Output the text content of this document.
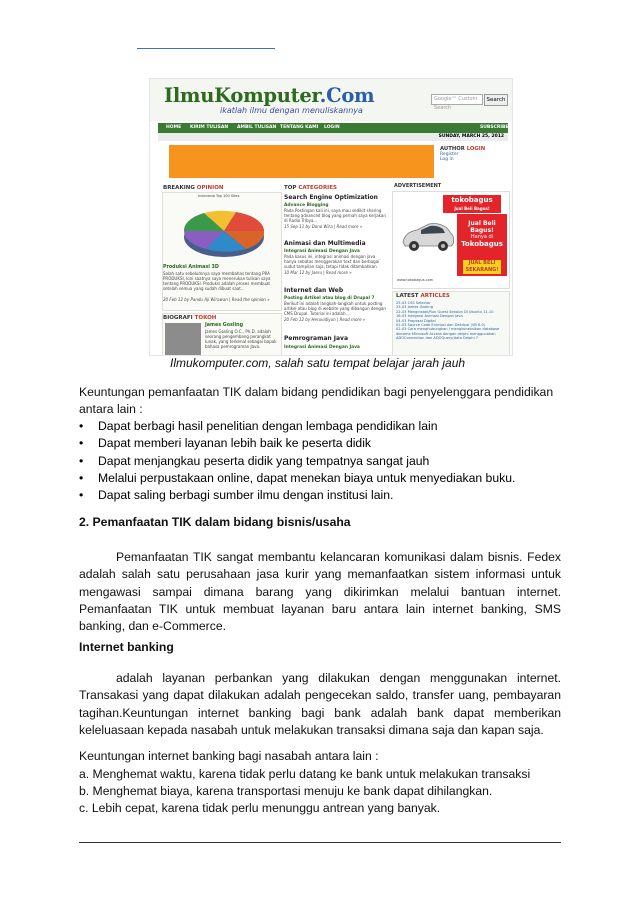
IlmuKomputer.Com
ikatlah ilmu dengan menuliskannya
Google™ Custom Search
Search
HOME KIRIM TULISAN AMBIL TULISAN TENTANG KAMI LOGIN	SUBSCRIBE
SUNDAY, MARCH 25, 2012
AUTHOR LOGIN
Register
Log in
BREAKING OPINION
Indonesia Top 100 Sites
Produksi Animasi 3D
Salah satu sebelumnya saya membahas tentang PRA PRODUKSI, kini saatnya saya menerukan tulisan saya tentang PRODUKSI. Produksi adalah proses membuat setelah semua yang sudah dibuat saat...
20 Feb 12 by Pandu Aji Wirawan | Read the opinion »
BIOGRAFI TOKOH
James Gosling
James Gosling O.C., Ph.D. adalah seorang pengembang perangkat lunak, yang terkenal sebagai bapak bahasa pemrograman Java.
TOP CATEGORIES
Search Engine Optimization
Advance Blogging
Pada Postingan kali ini, saya mau sedikit sharing tentang advanced blog yang pernah saya kerjakan di Radio Tribya...
15 Sep 11 by Dono Wira | Read more »
Animasi dan Multimedia
Integrasi Animasi Dengan Java
Pada kasus ini, integrasi animasi dengan java hanya sebatas menggerakan text dan berbagai sudut tampilan saja, tetapi tidak ditambahkan
10 Mar 12 by Jaeru | Read more »
Internet dan Web
Posting Artikel atau blog di Drupal 7
Berikut ini adalah langkah-langkah untuk posting artikel atau blog di website yang dibangun dengan CMS Drupal. Tutorial ini adalah...
20 Feb 12 by Heruvidiyun | Read more »
Pemrograman Java
Integrasi Animasi Dengan Java
ADVERTISEMENT
tokobagus
Jual Beli Bagus!
Jual Beli Bagus!
Hanya di
Tokobagus
JUAL BELI SEKARANG!
www.tokobagus.com
LATEST ARTICLES
25-03 CSS Selector
25-03 James Gosling
22-03 Menginstall/Run Guest Session Di Ubuntu 11.10
16-03 Integrasi Animasi Dengan Java
04-03 Proposal Digital
02-03 Source Code Enkripsi dan Dekripsi (VB 6.0)
02-03 Cara menghubungkan / mengkoneksikan database dbname Microsoft Access dengan delphi menggunakan ADOConnection dan ADOQuery(data Delphi 7
Ilmukomputer.com, salah satu tempat belajar jarah jauh
Keuntungan pemanfaatan TIK dalam bidang pendidikan bagi penyelenggara pendidikan antara lain :
• Dapat berbagi hasil penelitian dengan lembaga pendidikan lain
• Dapat memberi layanan lebih baik ke peserta didik
• Dapat menjangkau peserta didik yang tempatnya sangat jauh
• Melalui perpustakaan online, dapat menekan biaya untuk menyediakan buku.
• Dapat saling berbagi sumber ilmu dengan institusi lain.
2. Pemanfaatan TIK dalam bidang bisnis/usaha
Pemanfaatan TIK sangat membantu kelancaran komunikasi dalam bisnis. Fedex adalah salah satu perusahaan jasa kurir yang memanfaatkan sistem informasi untuk mengawasi sampai dimana barang yang dikirimkan melalui bantuan internet. Pemanfaatan TIK untuk membuat layanan baru antara lain internet banking, SMS banking, dan e-Commerce.
Internet banking
adalah layanan perbankan yang dilakukan dengan menggunakan internet. Transakasi yang dapat dilakukan adalah pengecekan saldo, transfer uang, pembayaran tagihan.Keuntungan internet banking bagi bank adalah bank dapat memberikan keleluasaan kepada nasabah untuk melakukan transaksi dimana saja dan kapan saja.
Keuntungan internet banking bagi nasabah antara lain :
a. Menghemat waktu, karena tidak perlu datang ke bank untuk melakukan transaksi
b. Menghemat biaya, karena transportasi menuju ke bank dapat dihilangkan.
c. Lebih cepat, karena tidak perlu menunggu antrean yang banyak.
